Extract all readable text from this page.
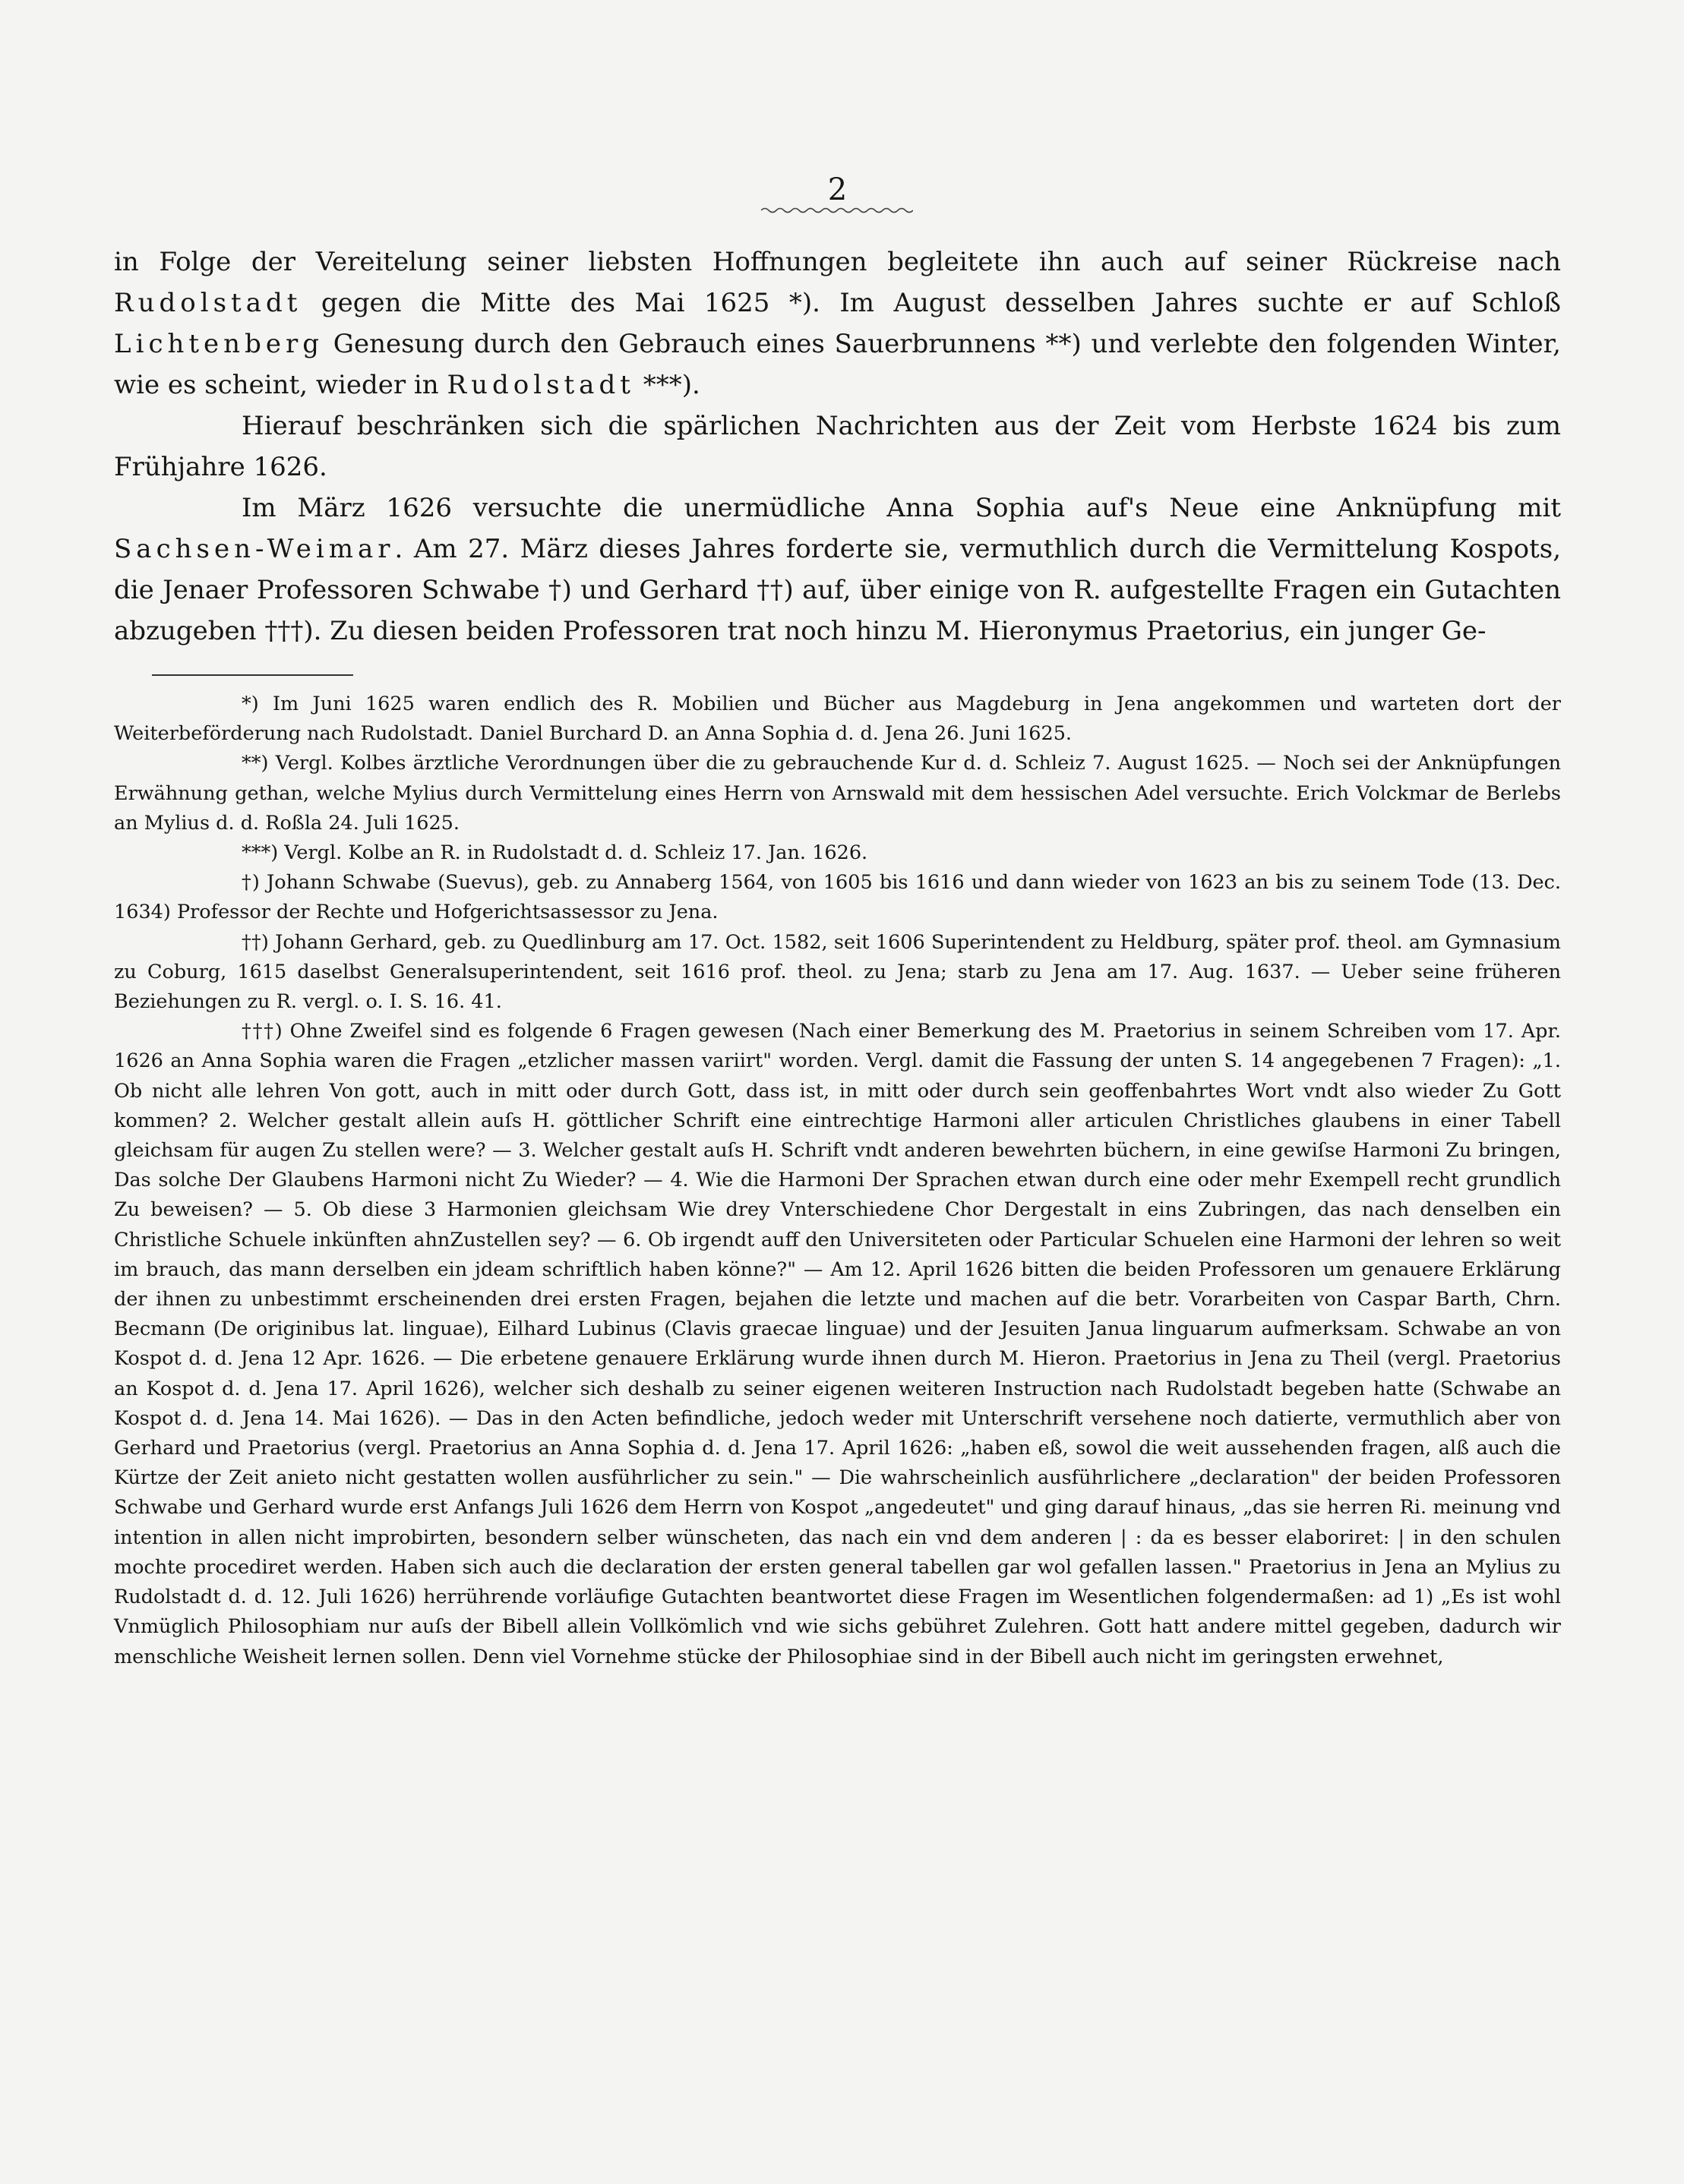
2

in Folge der Vereitelung seiner liebsten Hoffnungen begleitete ihn auch auf seiner Rückreise nach Rudolstadt gegen die Mitte des Mai 1625 *). Im August desselben Jahres suchte er auf Schloß Lichtenberg Genesung durch den Gebrauch eines Sauerbrunnens **) und verlebte den folgenden Winter, wie es scheint, wieder in Rudolstadt ***).

Hierauf beschränken sich die spärlichen Nachrichten aus der Zeit vom Herbste 1624 bis zum Frühjahre 1626.

Im März 1626 versuchte die unermüdliche Anna Sophia auf's Neue eine Anknüpfung mit Sachsen-Weimar. Am 27. März dieses Jahres forderte sie, vermuthlich durch die Vermittelung Kospots, die Jenaer Professoren Schwabe †) und Gerhard ††) auf, über einige von R. aufgestellte Fragen ein Gutachten abzugeben †††). Zu diesen beiden Professoren trat noch hinzu M. Hieronymus Praetorius, ein junger Ge-

*) Im Juni 1625 waren endlich des R. Mobilien und Bücher aus Magdeburg in Jena angekommen und warteten dort der Weiterbeförderung nach Rudolstadt. Daniel Burchard D. an Anna Sophia d. d. Jena 26. Juni 1625.

**) Vergl. Kolbes ärztliche Verordnungen über die zu gebrauchende Kur d. d. Schleiz 7. August 1625. — Noch sei der Anknüpfungen Erwähnung gethan, welche Mylius durch Vermittelung eines Herrn von Arnswald mit dem hessischen Adel versuchte. Erich Volckmar de Berlebs an Mylius d. d. Roßla 24. Juli 1625.

***) Vergl. Kolbe an R. in Rudolstadt d. d. Schleiz 17. Jan. 1626.

†) Johann Schwabe (Suevus), geb. zu Annaberg 1564, von 1605 bis 1616 und dann wieder von 1623 an bis zu seinem Tode (13. Dec. 1634) Professor der Rechte und Hofgerichtsassessor zu Jena.

††) Johann Gerhard, geb. zu Quedlinburg am 17. Oct. 1582, seit 1606 Superintendent zu Heldburg, später prof. theol. am Gymnasium zu Coburg, 1615 daselbst Generalsuperintendent, seit 1616 prof. theol. zu Jena; starb zu Jena am 17. Aug. 1637. — Ueber seine früheren Beziehungen zu R. vergl. o. I. S. 16. 41.

†††) Ohne Zweifel sind es folgende 6 Fragen gewesen (Nach einer Bemerkung des M. Praetorius in seinem Schreiben vom 17. Apr. 1626 an Anna Sophia waren die Fragen „etzlicher massen variirt" worden. Vergl. damit die Fassung der unten S. 14 angegebenen 7 Fragen): „1. Ob nicht alle lehren Von gott, auch in mitt oder durch Gott, dass ist, in mitt oder durch sein geoffenbahrtes Wort vndt also wieder Zu Gott kommen? 2. Welcher gestalt allein auſs H. göttlicher Schrift eine eintrechtige Harmoni aller articulen Christliches glaubens in einer Tabell gleichsam für augen Zu stellen were? — 3. Welcher gestalt auſs H. Schrift vndt anderen bewehrten büchern, in eine gewiſse Harmoni Zu bringen, Das solche Der Glaubens Harmoni nicht Zu Wieder? — 4. Wie die Harmoni Der Sprachen etwan durch eine oder mehr Exempell recht grundlich Zu beweisen? — 5. Ob diese 3 Harmonien gleichsam Wie drey Vnterschiedene Chor Dergestalt in eins Zubringen, das nach denselben ein Christliche Schuele inkünften ahnZustellen sey? — 6. Ob irgendt auff den Universiteten oder Particular Schuelen eine Harmoni der lehren so weit im brauch, das mann derselben ein jdeam schriftlich haben könne?" — Am 12. April 1626 bitten die beiden Professoren um genauere Erklärung der ihnen zu unbestimmt erscheinenden drei ersten Fragen, bejahen die letzte und machen auf die betr. Vorarbeiten von Caspar Barth, Chrn. Becmann (De originibus lat. linguae), Eilhard Lubinus (Clavis graecae linguae) und der Jesuiten Janua linguarum aufmerksam. Schwabe an von Kospot d. d. Jena 12 Apr. 1626. — Die erbetene genauere Erklärung wurde ihnen durch M. Hieron. Praetorius in Jena zu Theil (vergl. Praetorius an Kospot d. d. Jena 17. April 1626), welcher sich deshalb zu seiner eigenen weiteren Instruction nach Rudolstadt begeben hatte (Schwabe an Kospot d. d. Jena 14. Mai 1626). — Das in den Acten befindliche, jedoch weder mit Unterschrift versehene noch datierte, vermuthlich aber von Gerhard und Praetorius (vergl. Praetorius an Anna Sophia d. d. Jena 17. April 1626: „haben eß, sowol die weit aussehenden fragen, alß auch die Kürtze der Zeit anieto nicht gestatten wollen ausführlicher zu sein." — Die wahrscheinlich ausführlichere „declaration" der beiden Professoren Schwabe und Gerhard wurde erst Anfangs Juli 1626 dem Herrn von Kospot „angedeutet" und ging darauf hinaus, „das sie herren Ri. meinung vnd intention in allen nicht improbirten, besondern selber wünscheten, das nach ein vnd dem anderen | : da es besser elaboriret: | in den schulen mochte procediret werden. Haben sich auch die declaration der ersten general tabellen gar wol gefallen lassen." Praetorius in Jena an Mylius zu Rudolstadt d. d. 12. Juli 1626) herrührende vorläufige Gutachten beantwortet diese Fragen im Wesentlichen folgendermaßen: ad 1) „Es ist wohl Vnmüglich Philosophiam nur auſs der Bibell allein Vollkömlich vnd wie sichs gebühret Zulehren. Gott hatt andere mittel gegeben, dadurch wir menschliche Weisheit lernen sollen. Denn viel Vornehme stücke der Philosophiae sind in der Bibell auch nicht im geringsten erwehnet,
